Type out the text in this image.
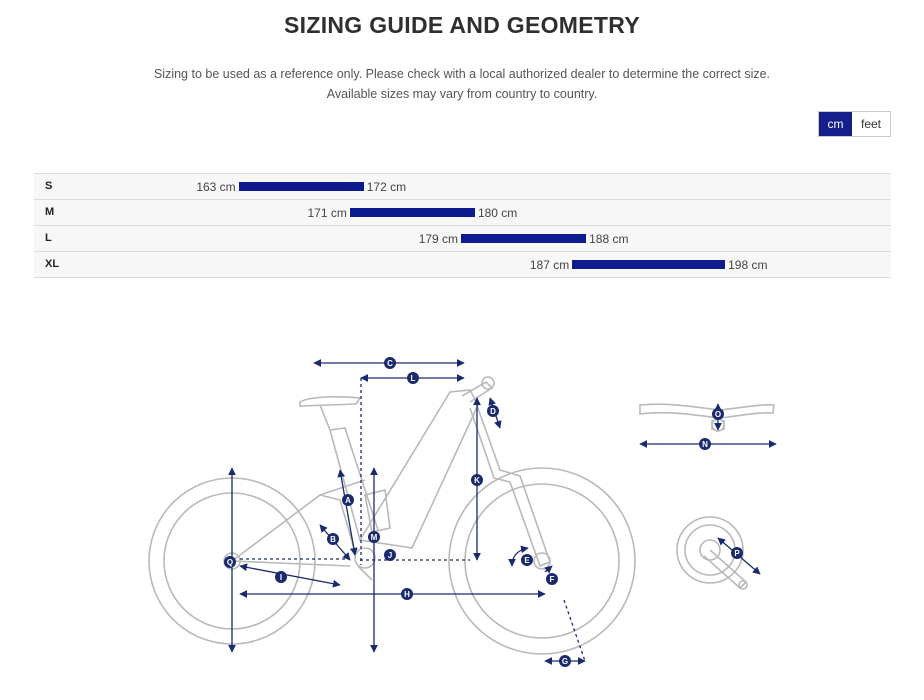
SIZING GUIDE AND GEOMETRY
Sizing to be used as a reference only. Please check with a local authorized dealer to determine the correct size.
Available sizes may vary from country to country.
cm	feet
S	163 cm	172 cm
M	171 cm	180 cm
L	179 cm	188 cm
XL	187 cm	198 cm
A
B
C
D
E
F
G
H
I
J
K
L
M
N
O
P
Q
